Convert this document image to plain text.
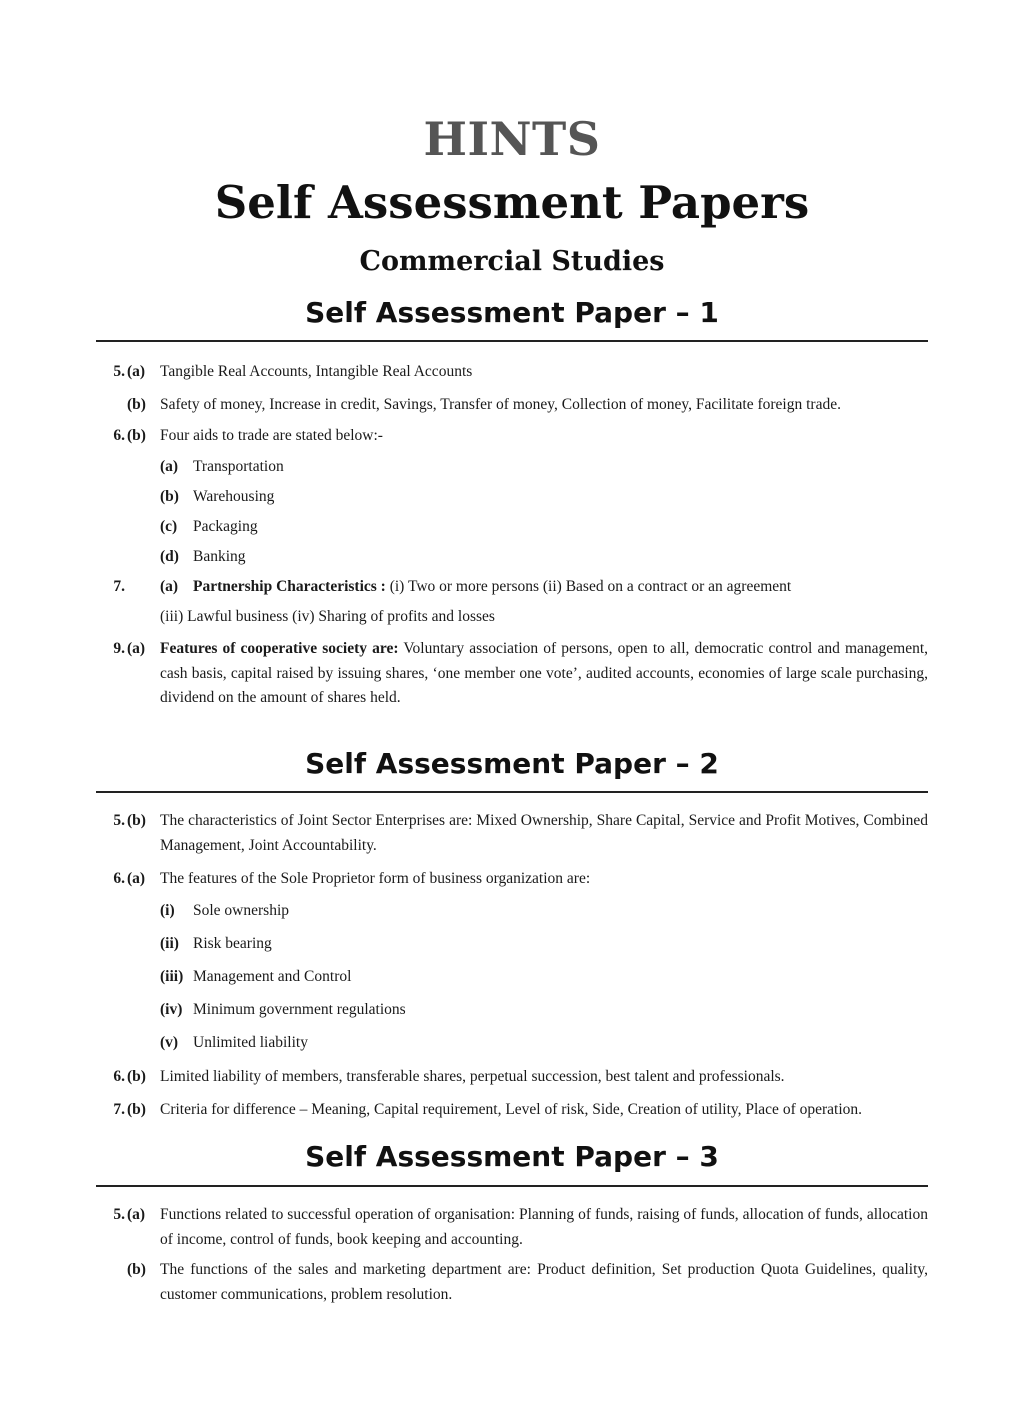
HINTS
Self Assessment Papers
Commercial Studies
Self Assessment Paper – 1
5. (a) Tangible Real Accounts, Intangible Real Accounts
(b) Safety of money, Increase in credit, Savings, Transfer of money, Collection of money, Facilitate foreign trade.
6. (b) Four aids to trade are stated below:-
(a) Transportation
(b) Warehousing
(c)	Packaging
(d) Banking
7. (a) Partnership Characteristics : (i) Two or more persons (ii) Based on a contract or an agreement
(iii) Lawful business (iv) Sharing of profits and losses
9. (a) Features of cooperative society are: Voluntary association of persons, open to all, democratic control and management, cash basis, capital raised by issuing shares, ‘one member one vote’, audited accounts, economies of large scale purchasing, dividend on the amount of shares held.
Self Assessment Paper – 2
5. (b) The characteristics of Joint Sector Enterprises are: Mixed Ownership, Share Capital, Service and Profit Motives, Combined Management, Joint Accountability.
6. (a) The features of the Sole Proprietor form of business organization are:
(i)	Sole ownership
(ii) Risk bearing
(iii) Management and Control
(iv) Minimum government regulations
(v) Unlimited liability
6. (b) Limited liability of members, transferable shares, perpetual succession, best talent and professionals.
7. (b) Criteria for difference – Meaning, Capital requirement, Level of risk, Side, Creation of utility, Place of operation.
Self Assessment Paper – 3
5. (a) Functions related to successful operation of organisation: Planning of funds, raising of funds, allocation of funds, allocation of income, control of funds, book keeping and accounting.
(b) The functions of the sales and marketing department are: Product definition, Set production Quota Guidelines, quality, customer communications, problem resolution.
